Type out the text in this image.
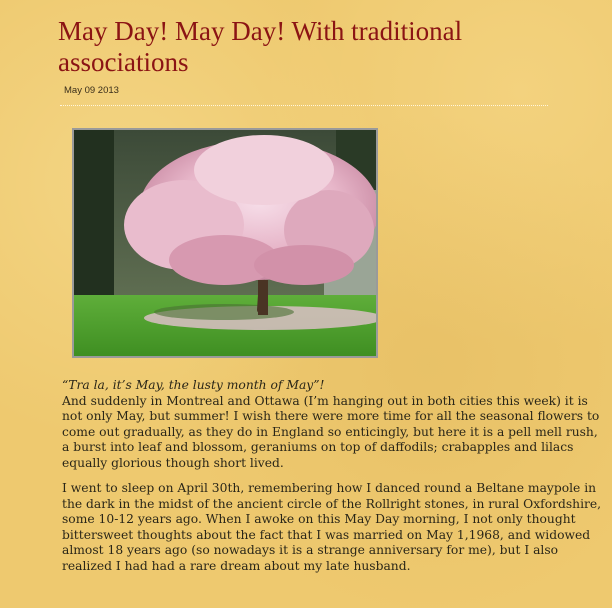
May Day! May Day! With traditional associations
May 09 2013

“Tra la, it’s May, the lusty month of May”!
And suddenly in Montreal and Ottawa (I’m hanging out in both cities this week) it is not only May, but summer! I wish there were more time for all the seasonal flowers to come out gradually, as they do in England so enticingly, but here it is a pell mell rush, a burst into leaf and blossom, geraniums on top of daffodils; crabapples and lilacs equally glorious though short lived.

I went to sleep on April 30th, remembering how I danced round a Beltane maypole in the dark in the midst of the ancient circle of the Rollright stones, in rural Oxfordshire, some 10-12 years ago. When I awoke on this May Day morning, I not only thought bittersweet thoughts about the fact that I was married on May 1,1968, and widowed almost 18 years ago (so nowadays it is a strange anniversary for me), but I also realized I had had a rare dream about my late husband.
